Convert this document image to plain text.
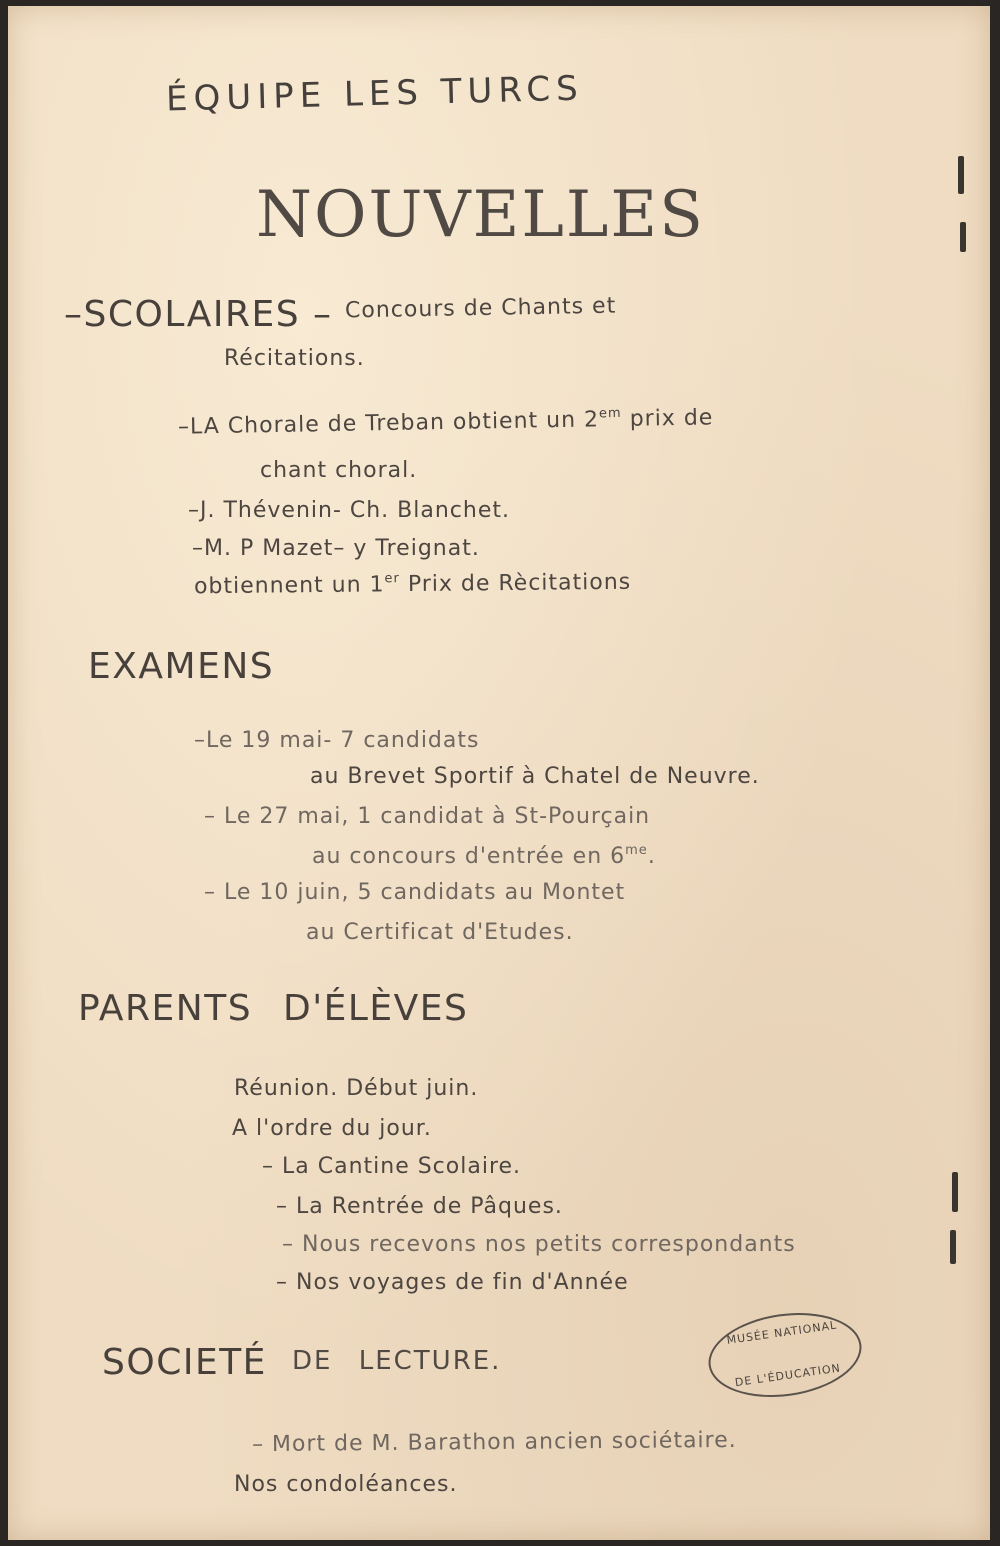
ÉQUIPE LES TURCS
NOUVELLES
–SCOLAIRES – Concours de Chants et
Récitations.
–LA Chorale de Treban obtient un $2^{em}$ prix de
chant choral.
–J. Thévenin- Ch. Blanchet.
–M. P Mazet– y Treignat.
obtiennent un 1er Prix de Rècitations
EXAMENS
–Le 19 mai- 7 candidats
au Brevet Sportif à Chatel de Neuvre.
– Le 27 mai, 1 candidat à St-Pourçain
au concours d'entrée en $6^{me}$.
– Le 10 juin, 5 candidats au Montet
au Certificat d'Etudes.
PARENTS D'ÉLÈVES
Réunion. Début juin.
A l'ordre du jour.
– La Cantine Scolaire.
– La Rentrée de Pâques.
– Nous recevons nos petits correspondants
– Nos voyages de fin d'Année
SOCIETÉ DE LECTURE.
– Mort de M. Barathon ancien sociétaire.
Nos condoléances.
MUSÉE NATIONAL
DE L'ÉDUCATION
